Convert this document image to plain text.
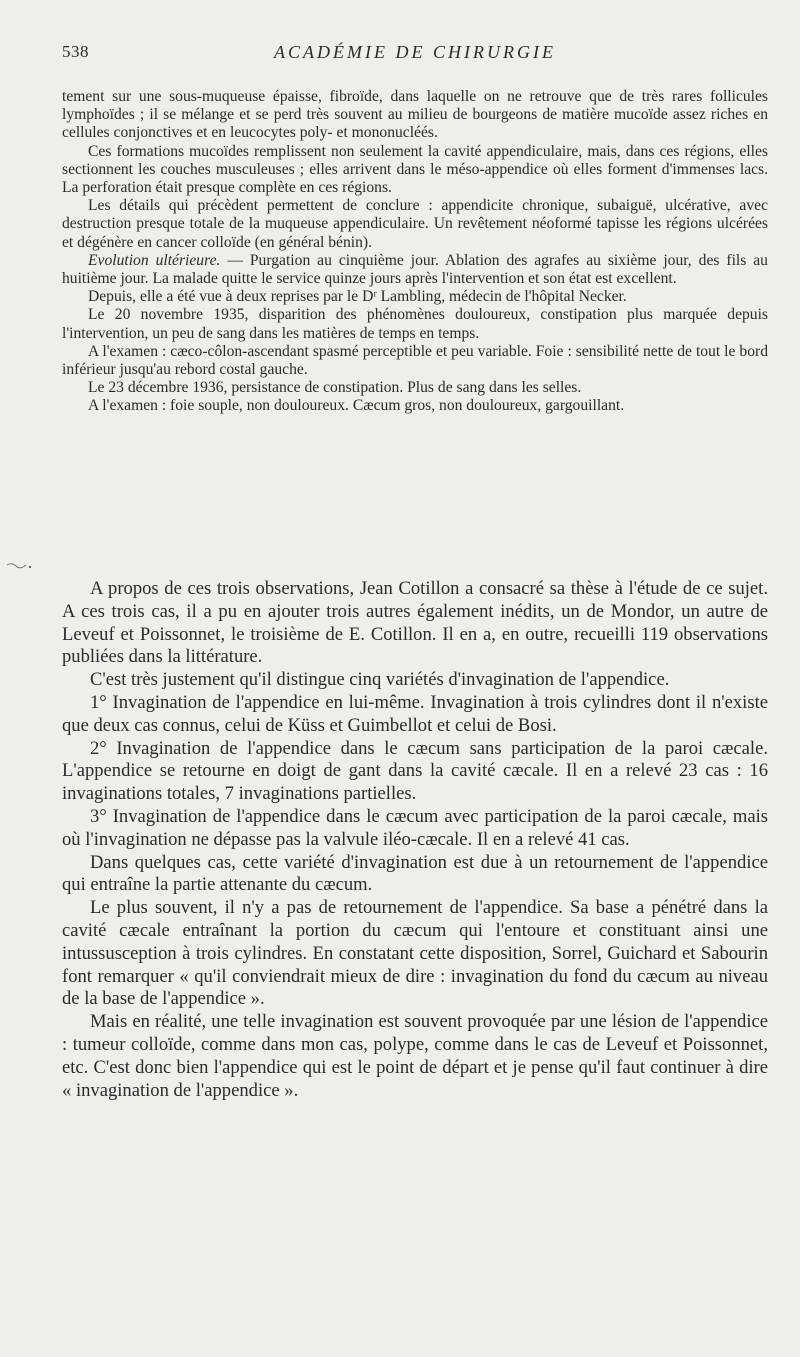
538	ACADÉMIE DE CHIRURGIE

tement sur une sous-muqueuse épaisse, fibroïde, dans laquelle on ne retrouve que de très rares follicules lymphoïdes ; il se mélange et se perd très souvent au milieu de bourgeons de matière mucoïde assez riches en cellules conjonctives et en leucocytes poly- et mononucléés.

Ces formations mucoïdes remplissent non seulement la cavité appendiculaire, mais, dans ces régions, elles sectionnent les couches musculeuses ; elles arrivent dans le méso-appendice où elles forment d'immenses lacs. La perforation était presque complète en ces régions.

Les détails qui précèdent permettent de conclure : appendicite chronique, subaiguë, ulcérative, avec destruction presque totale de la muqueuse appendiculaire. Un revêtement néoformé tapisse les régions ulcérées et dégénère en cancer colloïde (en général bénin).

Evolution ultérieure. — Purgation au cinquième jour. Ablation des agrafes au sixième jour, des fils au huitième jour. La malade quitte le service quinze jours après l'intervention et son état est excellent.

Depuis, elle a été vue à deux reprises par le Dʳ Lambling, médecin de l'hôpital Necker.

Le 20 novembre 1935, disparition des phénomènes douloureux, constipation plus marquée depuis l'intervention, un peu de sang dans les matières de temps en temps.

A l'examen : cæco-côlon-ascendant spasmé perceptible et peu variable. Foie : sensibilité nette de tout le bord inférieur jusqu'au rebord costal gauche.

Le 23 décembre 1936, persistance de constipation. Plus de sang dans les selles.

A l'examen : foie souple, non douloureux. Cæcum gros, non douloureux, gargouillant.

A propos de ces trois observations, Jean Cotillon a consacré sa thèse à l'étude de ce sujet. A ces trois cas, il a pu en ajouter trois autres également inédits, un de Mondor, un autre de Leveuf et Poissonnet, le troisième de E. Cotillon. Il en a, en outre, recueilli 119 observations publiées dans la littérature.

C'est très justement qu'il distingue cinq variétés d'invagination de l'appendice.

1° Invagination de l'appendice en lui-même. Invagination à trois cylindres dont il n'existe que deux cas connus, celui de Küss et Guimbellot et celui de Bosi.

2° Invagination de l'appendice dans le cæcum sans participation de la paroi cæcale. L'appendice se retourne en doigt de gant dans la cavité cæcale. Il en a relevé 23 cas : 16 invaginations totales, 7 invaginations partielles.

3° Invagination de l'appendice dans le cæcum avec participation de la paroi cæcale, mais où l'invagination ne dépasse pas la valvule iléo-cæcale. Il en a relevé 41 cas.

Dans quelques cas, cette variété d'invagination est due à un retournement de l'appendice qui entraîne la partie attenante du cæcum.

Le plus souvent, il n'y a pas de retournement de l'appendice. Sa base a pénétré dans la cavité cæcale entraînant la portion du cæcum qui l'entoure et constituant ainsi une intussusception à trois cylindres. En constatant cette disposition, Sorrel, Guichard et Sabourin font remarquer « qu'il conviendrait mieux de dire : invagination du fond du cæcum au niveau de la base de l'appendice ».

Mais en réalité, une telle invagination est souvent provoquée par une lésion de l'appendice : tumeur colloïde, comme dans mon cas, polype, comme dans le cas de Leveuf et Poissonnet, etc. C'est donc bien l'appendice qui est le point de départ et je pense qu'il faut continuer à dire « invagination de l'appendice ».
